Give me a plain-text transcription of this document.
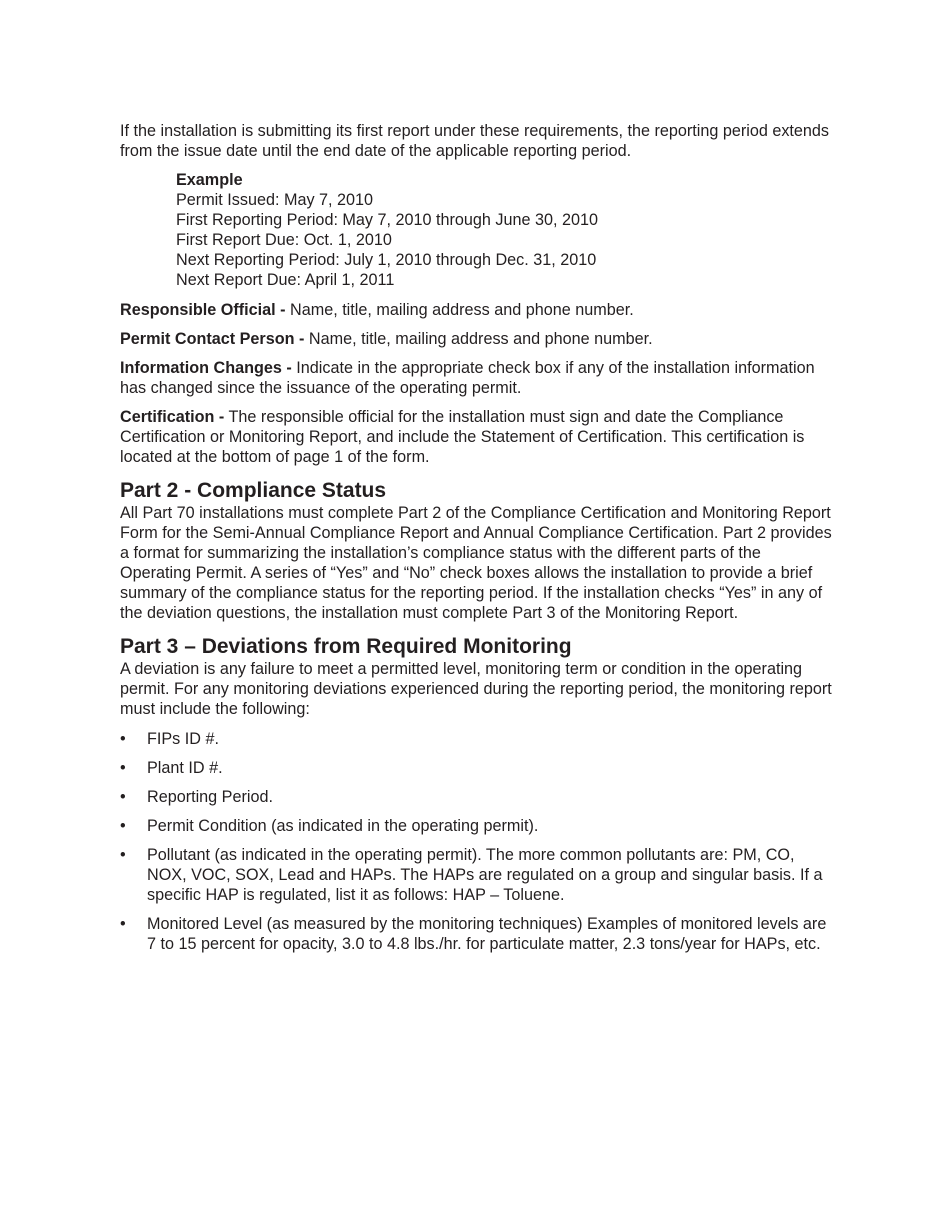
If the installation is submitting its first report under these requirements, the reporting period extends from the issue date until the end date of the applicable reporting period.

Example
Permit Issued: May 7, 2010
First Reporting Period: May 7, 2010 through June 30, 2010
First Report Due: Oct. 1, 2010
Next Reporting Period: July 1, 2010 through Dec. 31, 2010
Next Report Due: April 1, 2011

Responsible Official - Name, title, mailing address and phone number.

Permit Contact Person - Name, title, mailing address and phone number.

Information Changes - Indicate in the appropriate check box if any of the installation information has changed since the issuance of the operating permit.

Certification - The responsible official for the installation must sign and date the Compliance Certification or Monitoring Report, and include the Statement of Certification. This certification is located at the bottom of page 1 of the form.

Part 2 - Compliance Status

All Part 70 installations must complete Part 2 of the Compliance Certification and Monitoring Report Form for the Semi-Annual Compliance Report and Annual Compliance Certification. Part 2 provides a format for summarizing the installation’s compliance status with the different parts of the Operating Permit. A series of “Yes” and “No” check boxes allows the installation to provide a brief summary of the compliance status for the reporting period. If the installation checks “Yes” in any of the deviation questions, the installation must complete Part 3 of the Monitoring Report.

Part 3 – Deviations from Required Monitoring

A deviation is any failure to meet a permitted level, monitoring term or condition in the operating permit. For any monitoring deviations experienced during the reporting period, the monitoring report must include the following:

• FIPs ID #.
• Plant ID #.
• Reporting Period.
• Permit Condition (as indicated in the operating permit).
• Pollutant (as indicated in the operating permit). The more common pollutants are: PM, CO, NOX, VOC, SOX, Lead and HAPs. The HAPs are regulated on a group and singular basis. If a specific HAP is regulated, list it as follows: HAP – Toluene.
• Monitored Level (as measured by the monitoring techniques) Examples of monitored levels are 7 to 15 percent for opacity, 3.0 to 4.8 lbs./hr. for particulate matter, 2.3 tons/year for HAPs, etc.
